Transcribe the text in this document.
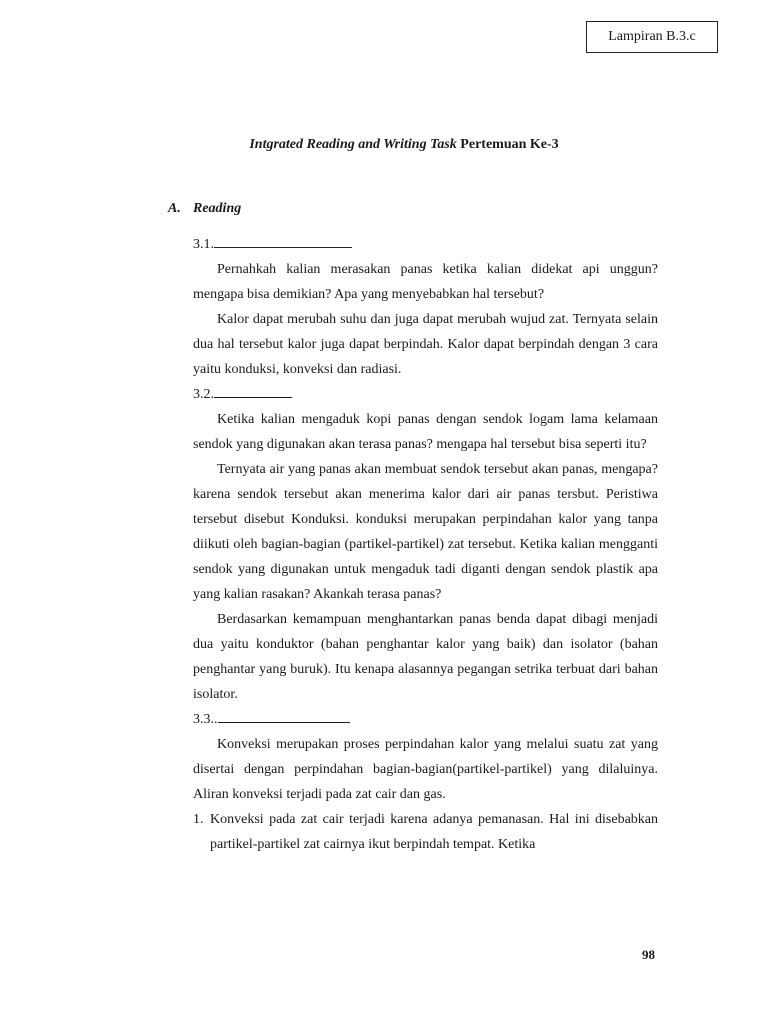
Lampiran B.3.c
Intgrated Reading and Writing Task Pertemuan Ke-3
A. Reading

3.1.

Pernahkah kalian merasakan panas ketika kalian didekat api unggun? mengapa bisa demikian? Apa yang menyebabkan hal tersebut?

Kalor dapat merubah suhu dan juga dapat merubah wujud zat. Ternyata selain dua hal tersebut kalor juga dapat berpindah. Kalor dapat berpindah dengan 3 cara yaitu konduksi, konveksi dan radiasi.

3.2.

Ketika kalian mengaduk kopi panas dengan sendok logam lama kelamaan sendok yang digunakan akan terasa panas? mengapa hal tersebut bisa seperti itu?

Ternyata air yang panas akan membuat sendok tersebut akan panas, mengapa? karena sendok tersebut akan menerima kalor dari air panas tersbut. Peristiwa tersebut disebut Konduksi. konduksi merupakan perpindahan kalor yang tanpa diikuti oleh bagian-bagian (partikel-partikel) zat tersebut. Ketika kalian mengganti sendok yang digunakan untuk mengaduk tadi diganti dengan sendok plastik apa yang kalian rasakan? Akankah terasa panas?

Berdasarkan kemampuan menghantarkan panas benda dapat dibagi menjadi dua yaitu konduktor (bahan penghantar kalor yang baik) dan isolator (bahan penghantar yang buruk). Itu kenapa alasannya pegangan setrika terbuat dari bahan isolator.

3.3..

Konveksi merupakan proses perpindahan kalor yang melalui suatu zat yang disertai dengan perpindahan bagian-bagian(partikel-partikel) yang dilaluinya. Aliran konveksi terjadi pada zat cair dan gas.

1. Konveksi pada zat cair terjadi karena adanya pemanasan. Hal ini disebabkan partikel-partikel zat cairnya ikut berpindah tempat. Ketika

98
